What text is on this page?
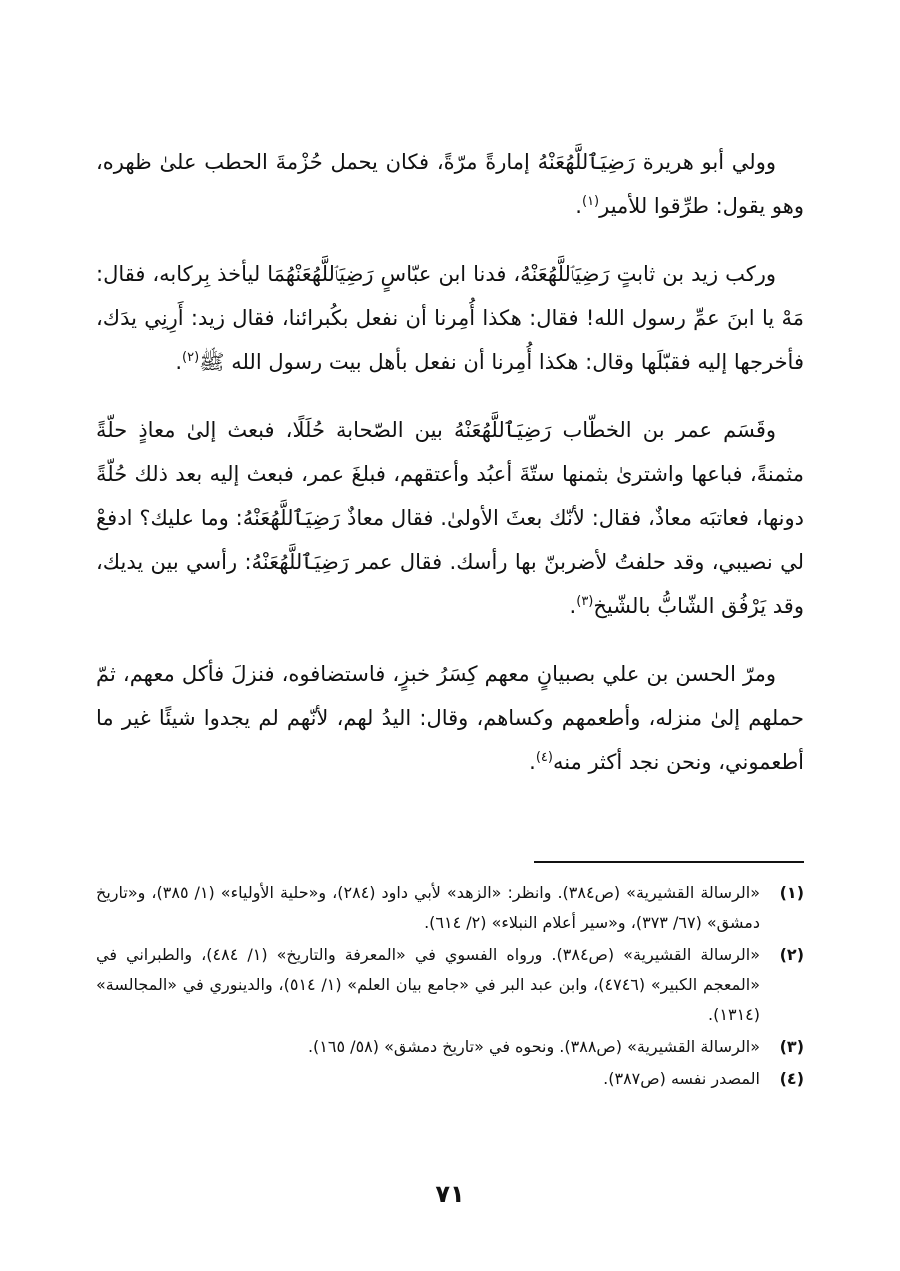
وولي أبو هريرة رَضِيَٱللَّهُعَنْهُ إمارةً مرّةً، فكان يحمل حُزْمةَ الحطب علىٰ ظهره، وهو يقول: طرِّقوا للأمير$^{(١)}$.

وركب زيد بن ثابتٍ رَضِيَٱللَّهُعَنْهُ، فدنا ابن عبّاسٍ رَضِيَٱللَّهُعَنْهُمَا ليأخذ بِركابه، فقال: مَهْ يا ابنَ عمِّ رسول الله! فقال: هكذا أُمِرنا أن نفعل بكُبرائنا، فقال زيد: أَرِنِي يدَك، فأخرجها إليه فقبّلَها وقال: هكذا أُمِرنا أن نفعل بأهل بيت رسول الله ﷺ$^{(٢)}$.

وقَسَم عمر بن الخطّاب رَضِيَٱللَّهُعَنْهُ بين الصّحابة حُلَلًا، فبعث إلىٰ معاذٍ حلّةً مثمنةً، فباعها واشترىٰ بثمنها ستّةَ أعبُد وأعتقهم، فبلغَ عمر، فبعث إليه بعد ذلك حُلّةً دونها، فعاتبَه معاذٌ، فقال: لأنّك بعثَ الأولىٰ. فقال معاذٌ رَضِيَٱللَّهُعَنْهُ: وما عليك؟ ادفعْ لي نصيبي، وقد حلفتُ لأضربنّ بها رأسك. فقال عمر رَضِيَٱللَّهُعَنْهُ: رأسي بين يديك، وقد يَرْفُق الشّابُّ بالشّيخ$^{(٣)}$.

ومرّ الحسن بن علي بصبيانٍ معهم كِسَرُ خبزٍ، فاستضافوه، فنزلَ فأكل معهم، ثمّ حملهم إلىٰ منزله، وأطعمهم وكساهم، وقال: اليدُ لهم، لأنّهم لم يجدوا شيئًا غير ما أطعموني، ونحن نجد أكثر منه$^{(٤)}$.

(١)
«الرسالة القشيرية» (ص٣٨٤). وانظر: «الزهد» لأبي داود (٢٨٤)، و«حلية الأولياء» (١/ ٣٨٥)، و«تاريخ دمشق» (٦٧/ ٣٧٣)، و«سير أعلام النبلاء» (٢/ ٦١٤).
(٢)
«الرسالة القشيرية» (ص٣٨٤). ورواه الفسوي في «المعرفة والتاريخ» (١/ ٤٨٤)، والطبراني في «المعجم الكبير» (٤٧٤٦)، وابن عبد البر في «جامع بيان العلم» (١/ ٥١٤)، والدينوري في «المجالسة» (١٣١٤).
(٣)
«الرسالة القشيرية» (ص٣٨٨). ونحوه في «تاريخ دمشق» (٥٨/ ١٦٥).
(٤)
المصدر نفسه (ص٣٨٧).
٧١
